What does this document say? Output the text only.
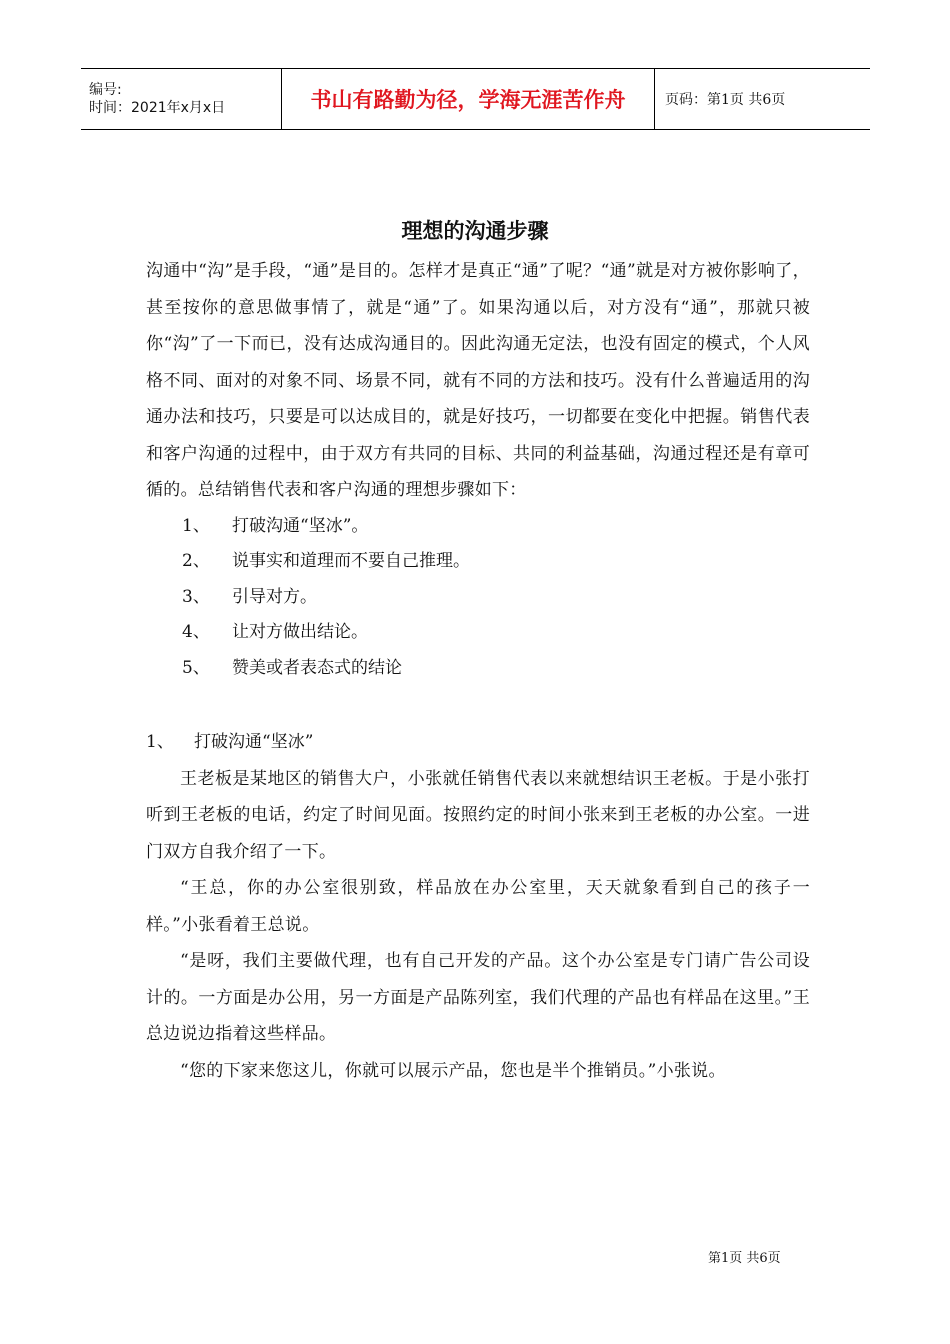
编号:
时间：2021年x月x日	书山有路勤为径，学海无涯苦作舟	页码：第1页 共6页
理想的沟通步骤

沟通中“沟”是手段，“通”是目的。怎样才是真正“通”了呢？“通”就是对方被你影响了，甚至按你的意思做事情了，就是“通”了。如果沟通以后，对方没有“通”，那就只被你“沟”了一下而已，没有达成沟通目的。因此沟通无定法，也没有固定的模式，个人风格不同、面对的对象不同、场景不同，就有不同的方法和技巧。没有什么普遍适用的沟通办法和技巧，只要是可以达成目的，就是好技巧，一切都要在变化中把握。销售代表和客户沟通的过程中，由于双方有共同的目标、共同的利益基础，沟通过程还是有章可循的。总结销售代表和客户沟通的理想步骤如下：

1、	打破沟通“坚冰”。
2、	说事实和道理而不要自己推理。
3、	引导对方。
4、	让对方做出结论。
5、	赞美或者表态式的结论
1、 打破沟通“坚冰”

王老板是某地区的销售大户，小张就任销售代表以来就想结识王老板。于是小张打听到王老板的电话，约定了时间见面。按照约定的时间小张来到王老板的办公室。一进门双方自我介绍了一下。

“王总，你的办公室很别致，样品放在办公室里，天天就象看到自己的孩子一样。”小张看着王总说。

“是呀，我们主要做代理，也有自己开发的产品。这个办公室是专门请广告公司设计的。一方面是办公用，另一方面是产品陈列室，我们代理的产品也有样品在这里。”王总边说边指着这些样品。

“您的下家来您这儿，你就可以展示产品，您也是半个推销员。”小张说。

第1页 共6页
